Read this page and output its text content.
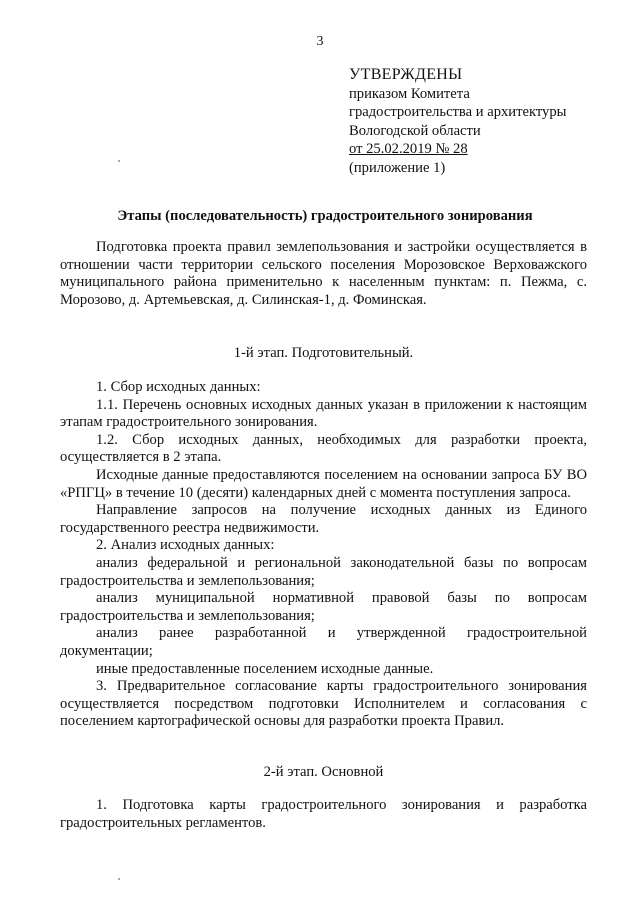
3
УТВЕРЖДЕНЫ
приказом Комитета
градостроительства и архитектуры
Вологодской области
от 25.02.2019 № 28
(приложение 1)
Этапы (последовательность) градостроительного зонирования

Подготовка проекта правил землепользования и застройки осуществляется в отношении части территории сельского поселения Морозовское Верховажского муниципального района применительно к населенным пунктам: п. Пежма, с. Морозово, д. Артемьевская, д. Силинская-1, д. Фоминская.

1-й этап. Подготовительный.

1. Сбор исходных данных:

1.1. Перечень основных исходных данных указан в приложении к настоящим этапам градостроительного зонирования.

1.2. Сбор исходных данных, необходимых для разработки проекта, осуществляется в 2 этапа.

Исходные данные предоставляются поселением на основании запроса БУ ВО «РПГЦ» в течение 10 (десяти) календарных дней с момента поступления запроса.

Направление запросов на получение исходных данных из Единого государственного реестра недвижимости.

2. Анализ исходных данных:

анализ федеральной и региональной законодательной базы по вопросам градостроительства и землепользования;

анализ муниципальной нормативной правовой базы по вопросам градостроительства и землепользования;

анализ ранее разработанной и утвержденной градостроительной документации;

иные предоставленные поселением исходные данные.

3. Предварительное согласование карты градостроительного зонирования осуществляется посредством подготовки Исполнителем и согласования с поселением картографической основы для разработки проекта Правил.

2-й этап. Основной

1. Подготовка карты градостроительного зонирования и разработка градостроительных регламентов.
